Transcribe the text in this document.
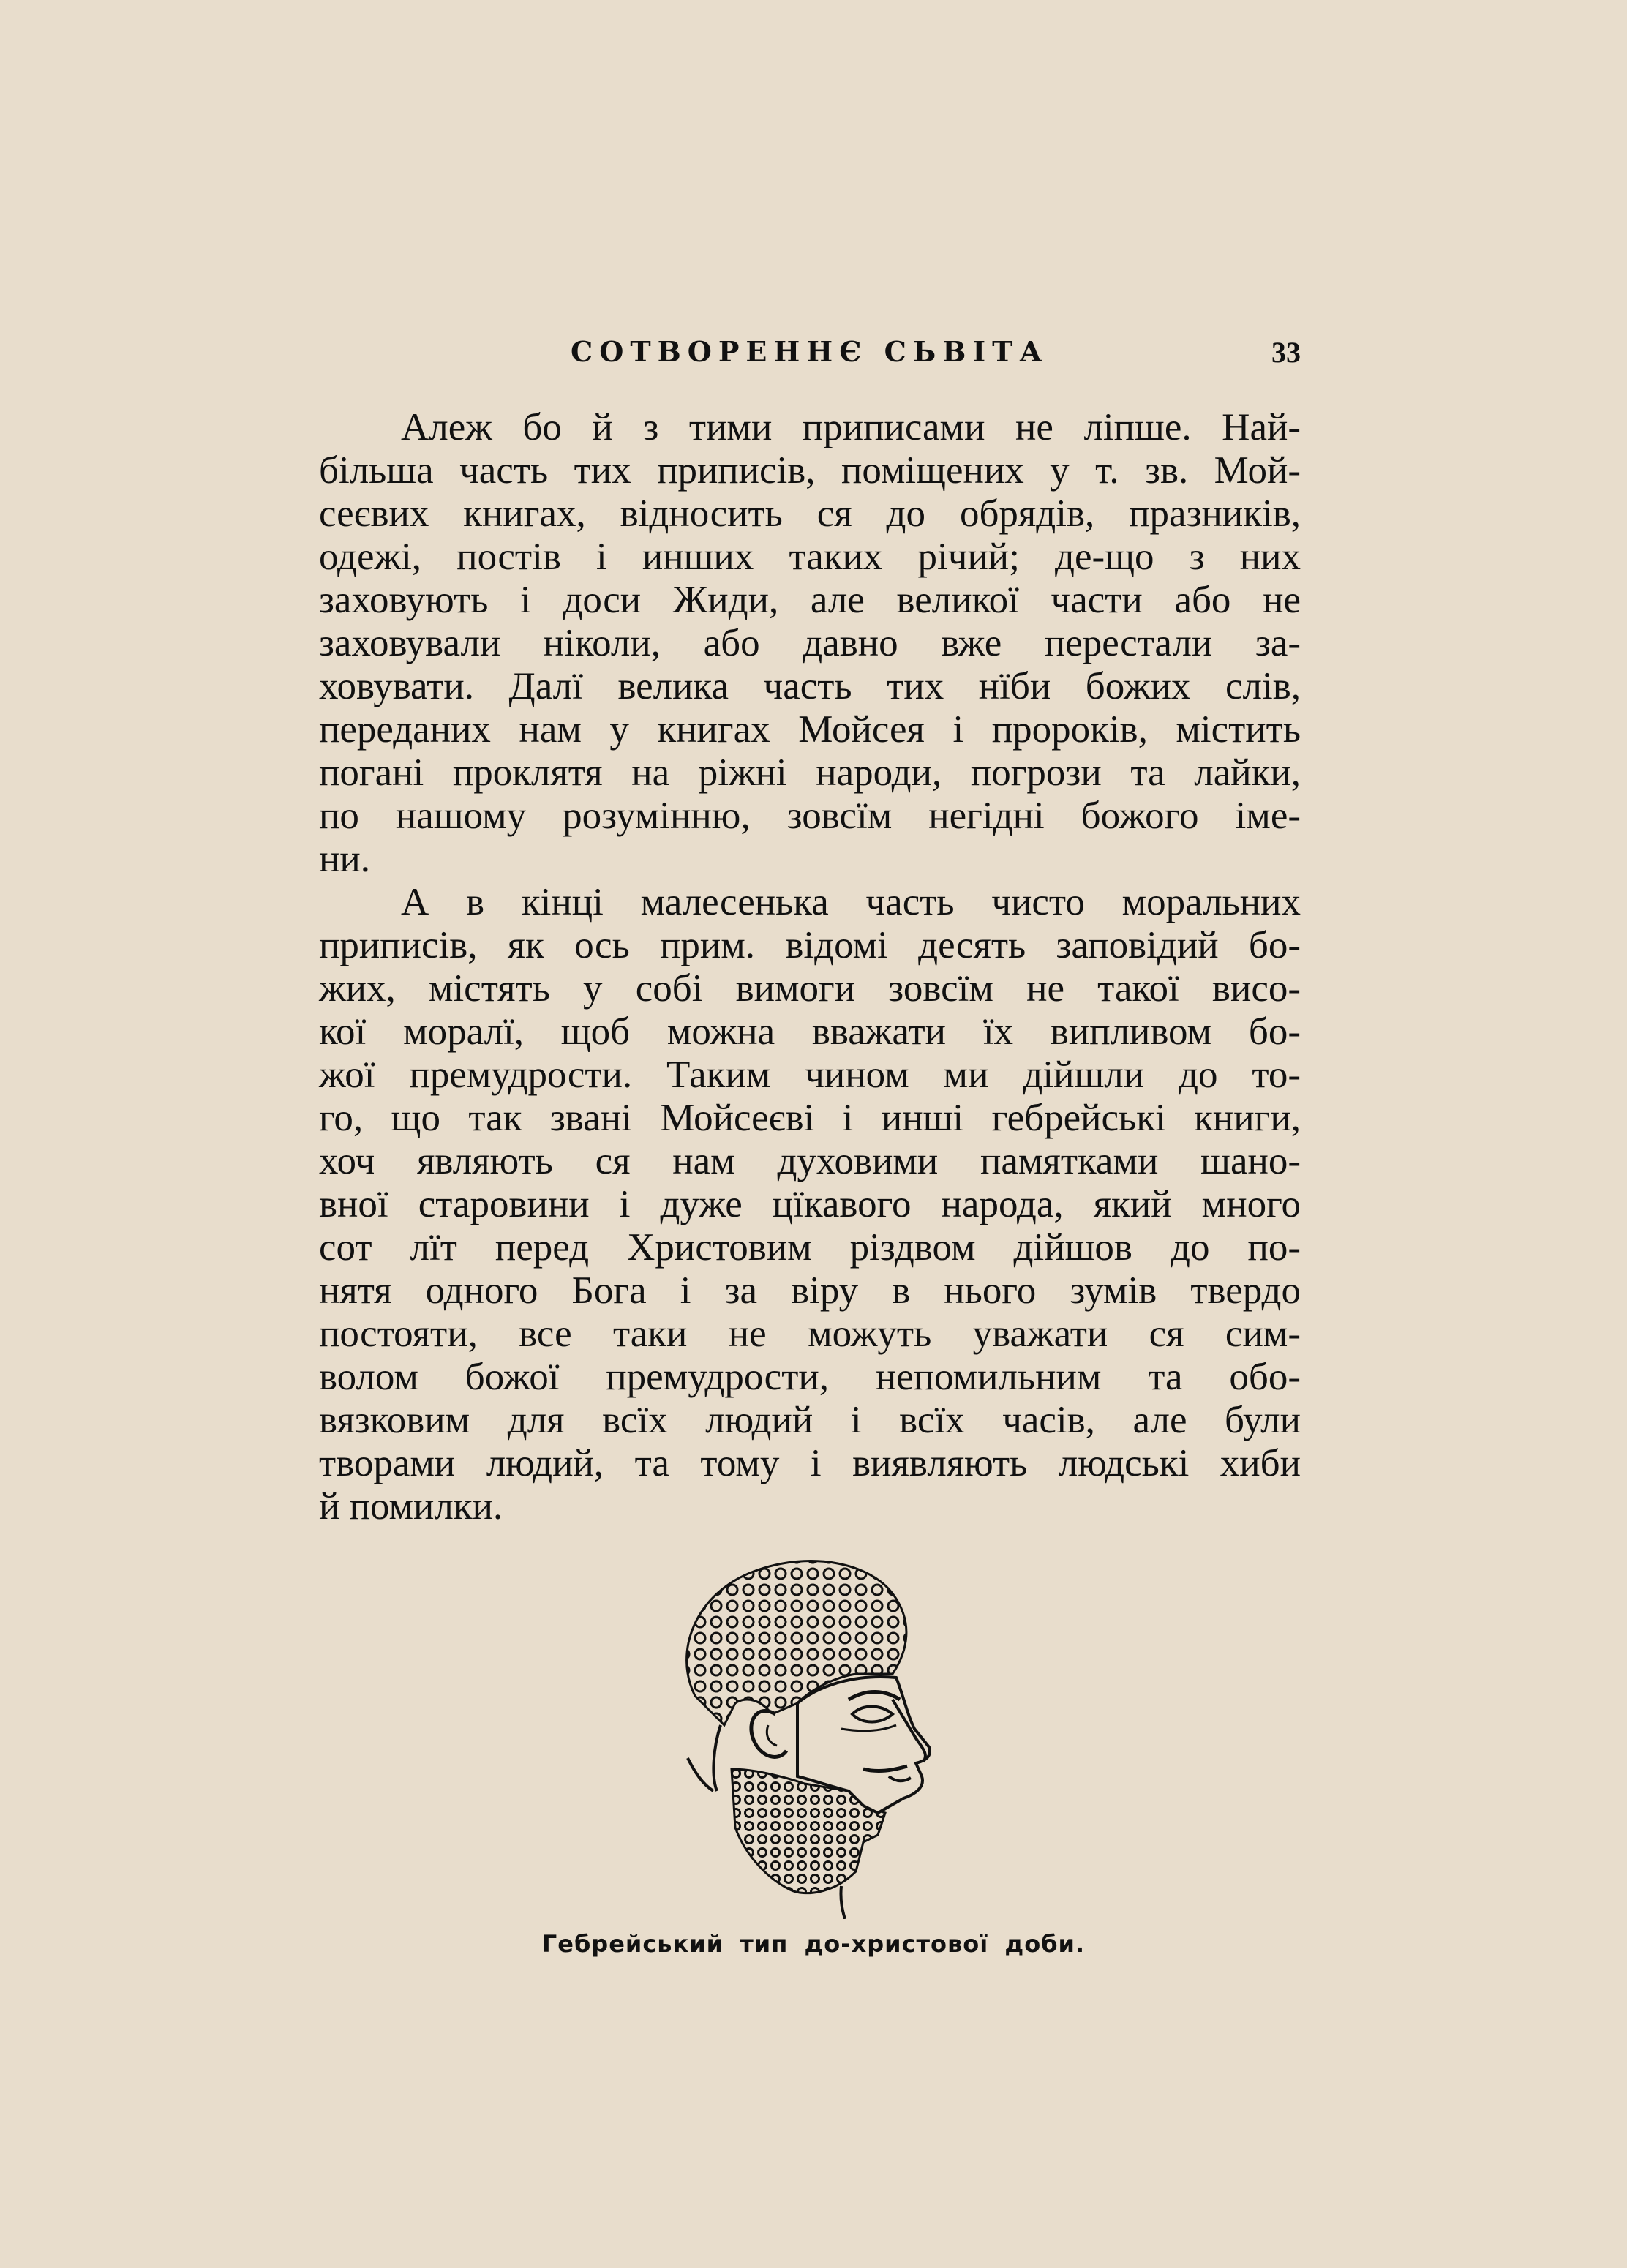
СОТВОРЕННЄ СЬВІТА	33
Алеж бо й з тими приписами не ліпше. Най-
більша часть тих приписів, поміщених у т. зв. Мой-
сеєвих книгах, відносить ся до обрядів, празників,
одежі, постів і инших таких річий; де-що з них
заховують і доси Жиди, але великої части або не
заховували ніколи, або давно вже перестали за-
ховувати. Далї велика часть тих нїби божих слів,
переданих нам у книгах Мойсея і пророків, містить
погані проклятя на ріжні народи, погрози та лайки,
по нашому розумінню, зовсїм негідні божого іме-
ни.
А в кінці малесенька часть чисто моральних
приписів, як ось прим. відомі десять заповідий бо-
жих, містять у собі вимоги зовсїм не такої висо-
кої моралї, щоб можна вважати їх випливом бо-
жої премудрости. Таким чином ми дійшли до то-
го, що так звані Мойсеєві і инші гебрейські книги,
хоч являють ся нам духовими памятками шано-
вної старовини і дуже цїкавого народа, який много
сот лїт перед Христовим різдвом дійшов до по-
нятя одного Бога і за віру в нього зумів твердо
постояти, все таки не можуть уважати ся сим-
волом божої премудрости, непомильним та обо-
вязковим для всїх людий і всїх часів, але були
творами людий, та тому і виявляють людські хиби
й помилки.
Гебрейський тип до-христової доби.
